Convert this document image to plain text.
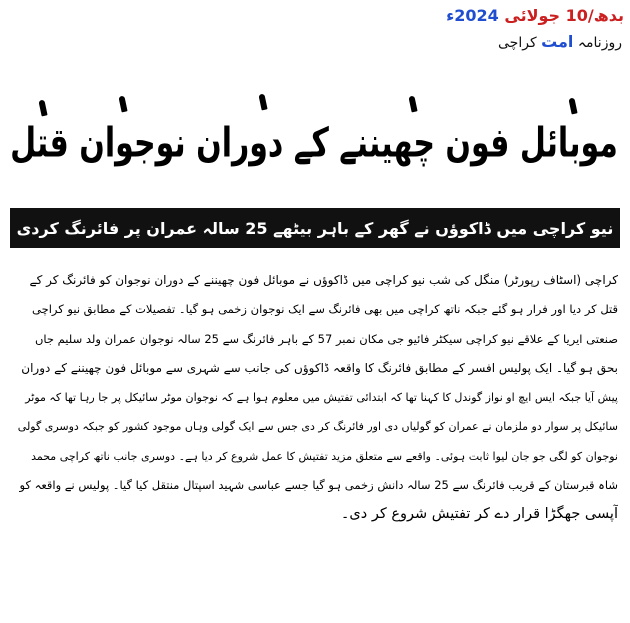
بدھ/10 جولائی 2024ء
روزنامہ امت کراچی
موبائل فون چھیننے کے دوران نوجوان قتل
نیو کراچی میں ڈاکوؤں نے گھر کے باہر بیٹھے 25 سالہ عمران پر فائرنگ کردی
کراچی (اسٹاف رپورٹر) منگل کی شب نیو کراچی میں ڈاکوؤں نے موبائل فون چھیننے کے دوران نوجوان کو فائرنگ کر کے
قتل کر دیا اور فرار ہو گئے جبکہ ناتھ کراچی میں بھی فائرنگ سے ایک نوجوان زخمی ہو گیا۔ تفصیلات کے مطابق نیو کراچی
صنعتی ایریا کے علاقے نیو کراچی سیکٹر فائیو جی مکان نمبر 57 کے باہر فائرنگ سے 25 سالہ نوجوان عمران ولد سلیم جاں
بحق ہو گیا۔ ایک پولیس افسر کے مطابق فائرنگ کا واقعہ ڈاکوؤں کی جانب سے شہری سے موبائل فون چھیننے کے دوران
پیش آیا جبکہ ایس ایچ او نواز گوندل کا کہنا تھا کہ ابتدائی تفتیش میں معلوم ہوا ہے کہ نوجوان موٹر سائیکل پر جا رہا تھا کہ موٹر
سائیکل پر سوار دو ملزمان نے عمران کو گولیاں دی اور فائرنگ کر دی جس سے ایک گولی وہاں موجود کشور کو جبکہ دوسری گولی
نوجوان کو لگی جو جان لیوا ثابت ہوئی۔ واقعے سے متعلق مزید تفتیش کا عمل شروع کر دیا ہے۔ دوسری جانب ناتھ کراچی محمد
شاہ قبرستان کے قریب فائرنگ سے 25 سالہ دانش زخمی ہو گیا جسے عباسی شہید اسپتال منتقل کیا گیا۔ پولیس نے واقعہ کو
آپسی جھگڑا قرار دے کر تفتیش شروع کر دی۔
